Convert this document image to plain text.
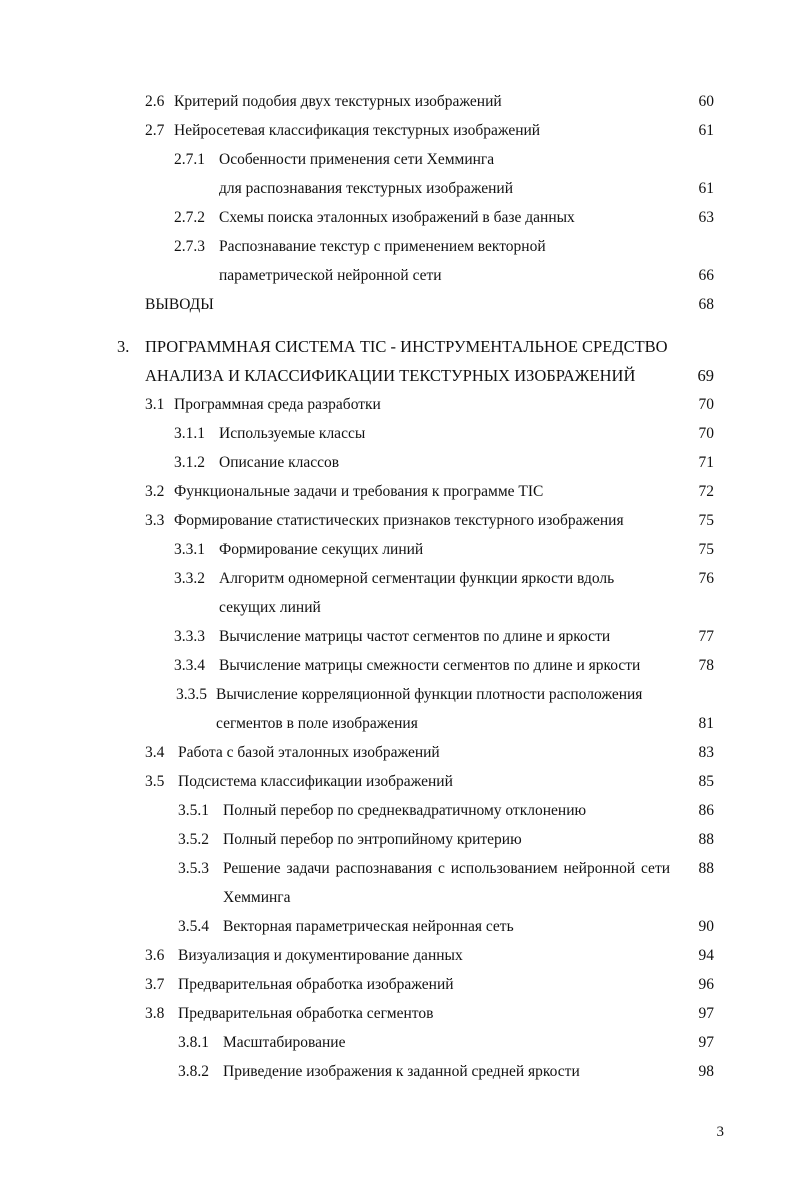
2.6 Критерий подобия двух текстурных изображений	60
2.7 Нейросетевая классификация текстурных изображений	61
2.7.1 Особенности применения сети Хемминга
для распознавания текстурных изображений	61
2.7.2 Схемы поиска эталонных изображений в базе данных	63
2.7.3 Распознавание текстур с применением векторной
параметрической нейронной сети	66
ВЫВОДЫ	68
3. ПРОГРАММНАЯ СИСТЕМА TIC - ИНСТРУМЕНТАЛЬНОЕ СРЕДСТВО
АНАЛИЗА И КЛАССИФИКАЦИИ ТЕКСТУРНЫХ ИЗОБРАЖЕНИЙ	69
3.1 Программная среда разработки	70
3.1.1 Используемые классы	70
3.1.2 Описание классов	71
3.2 Функциональные задачи и требования к программе TIC	72
3.3 Формирование статистических признаков текстурного изображения	75
3.3.1 Формирование секущих линий	75
3.3.2 Алгоритм одномерной сегментации функции яркости вдоль	76
секущих линий
3.3.3 Вычисление матрицы частот сегментов по длине и яркости	77
3.3.4 Вычисление матрицы смежности сегментов по длине и яркости	78
3.3.5 Вычисление корреляционной функции плотности расположения
сегментов в поле изображения	81
3.4 Работа с базой эталонных изображений	83
3.5 Подсистема классификации изображений	85
3.5.1 Полный перебор по среднеквадратичному отклонению	86
3.5.2 Полный перебор по энтропийному критерию	88
3.5.3 Решение задачи распознавания с использованием нейронной сети	88
Хемминга
3.5.4 Векторная параметрическая нейронная сеть	90
3.6 Визуализация и документирование данных	94
3.7 Предварительная обработка изображений	96
3.8 Предварительная обработка сегментов	97
3.8.1 Масштабирование	97
3.8.2 Приведение изображения к заданной средней яркости	98
3
